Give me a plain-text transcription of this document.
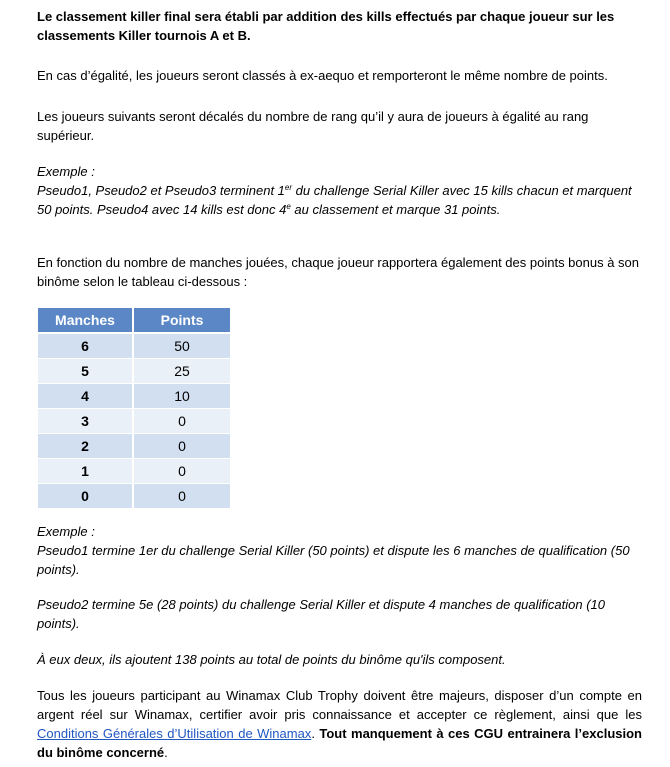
Le classement killer final sera établi par addition des kills effectués par chaque joueur sur les classements Killer tournois A et B.

En cas d’égalité, les joueurs seront classés à ex-aequo et remporteront le même nombre de points.

Les joueurs suivants seront décalés du nombre de rang qu’il y aura de joueurs à égalité au rang supérieur.

Exemple :
Pseudo1, Pseudo2 et Pseudo3 terminent 1er du challenge Serial Killer avec 15 kills chacun et marquent 50 points. Pseudo4 avec 14 kills est donc 4e au classement et marque 31 points.

En fonction du nombre de manches jouées, chaque joueur rapportera également des points bonus à son binôme selon le tableau ci-dessous :

Manches	Points
6	50
5	25
4	10
3	0
2	0
1	0
0	0
Exemple :
Pseudo1 termine 1er du challenge Serial Killer (50 points) et dispute les 6 manches de qualification (50 points).

Pseudo2 termine 5e (28 points) du challenge Serial Killer et dispute 4 manches de qualification (10 points).

À eux deux, ils ajoutent 138 points au total de points du binôme qu'ils composent.

Tous les joueurs participant au Winamax Club Trophy doivent être majeurs, disposer d’un compte en argent réel sur Winamax, certifier avoir pris connaissance et accepter ce règlement, ainsi que les Conditions Générales d’Utilisation de Winamax. Tout manquement à ces CGU entrainera l’exclusion du binôme concerné.
